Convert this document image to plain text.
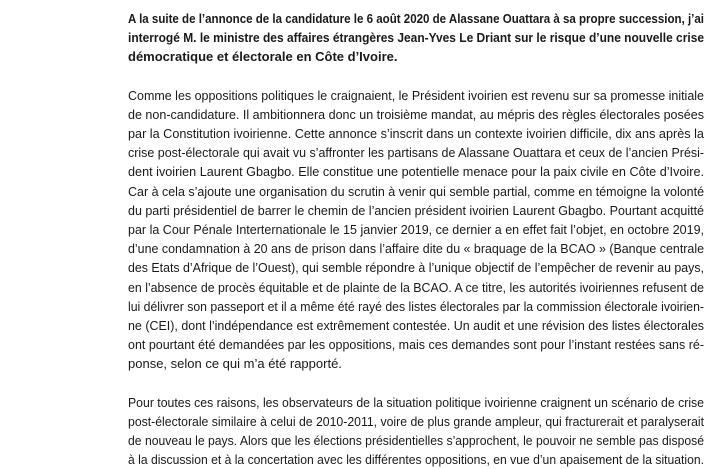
A la suite de l’annonce de la candidature le 6 août 2020 de Alassane Ouattara à sa propre succession, j’ai
interrogé M. le ministre des affaires étrangères Jean-Yves Le Driant sur le risque d’une nouvelle crise
démocratique et électorale en Côte d’Ivoire.

Comme les oppositions politiques le craignaient, le Président ivoirien est revenu sur sa promesse initiale
de non-candidature. Il ambitionnera donc un troisième mandat, au mépris des règles électorales posées
par la Constitution ivoirienne. Cette annonce s’inscrit dans un contexte ivoirien difficile, dix ans après la
crise post-électorale qui avait vu s’affronter les partisans de Alassane Ouattara et ceux de l’ancien Prési-
dent ivoirien Laurent Gbagbo. Elle constitue une potentielle menace pour la paix civile en Côte d’Ivoire.
Car à cela s’ajoute une organisation du scrutin à venir qui semble partial, comme en témoigne la volonté
du parti présidentiel de barrer le chemin de l’ancien président ivoirien Laurent Gbagbo. Pourtant acquitté
par la Cour Pénale Interternationale le 15 janvier 2019, ce dernier a en effet fait l’objet, en octobre 2019,
d’une condamnation à 20 ans de prison dans l’affaire dite du « braquage de la BCAO » (Banque centrale
des Etats d’Afrique de l’Ouest), qui semble répondre à l’unique objectif de l’empêcher de revenir au pays,
en l’absence de procès équitable et de plainte de la BCAO. A ce titre, les autorités ivoiriennes refusent de
lui délivrer son passeport et il a même été rayé des listes électorales par la commission électorale ivoirien-
ne (CEI), dont l’indépendance est extrêmement contestée. Un audit et une révision des listes électorales
ont pourtant été demandées par les oppositions, mais ces demandes sont pour l’instant restées sans ré-
ponse, selon ce qui m’a été rapporté.

Pour toutes ces raisons, les observateurs de la situation politique ivoirienne craignent un scénario de crise
post-électorale similaire à celui de 2010-2011, voire de plus grande ampleur, qui fracturerait et paralyserait
de nouveau le pays. Alors que les élections présidentielles s’approchent, le pouvoir ne semble pas disposé
à la discussion et à la concertation avec les différentes oppositions, en vue d’un apaisement de la situation.
